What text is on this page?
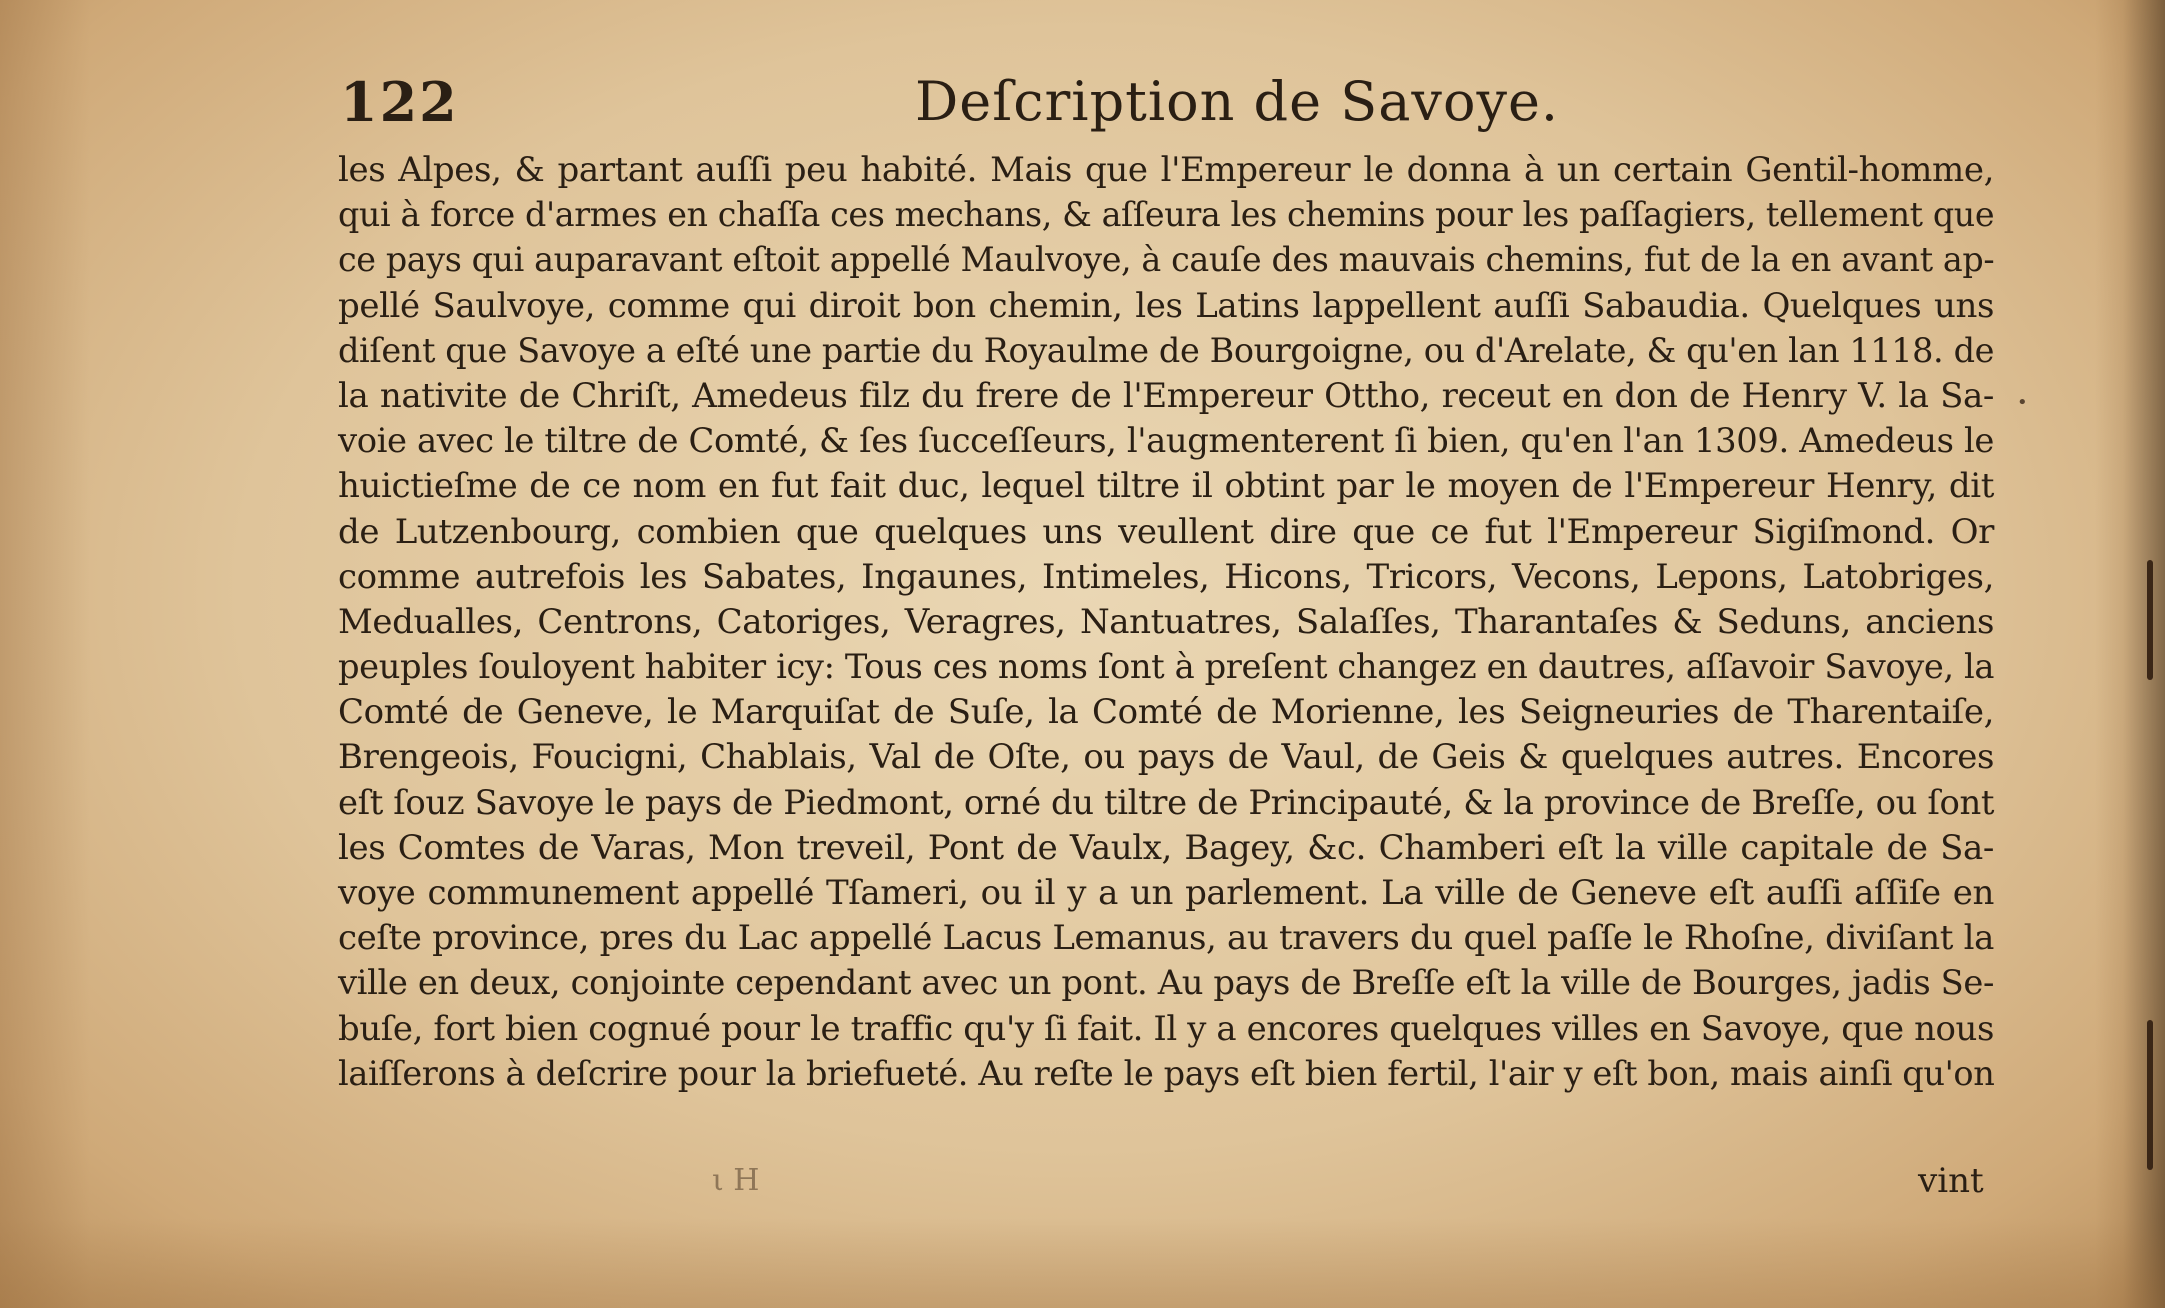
122	Deſcription de Savoye.
les Alpes, & partant auſſi peu habité. Mais que l'Empereur le donna à un certain Gentil-homme,
qui à force d'armes en chaſſa ces mechans, & aſſeura les chemins pour les paſſagiers, tellement que
ce pays qui auparavant eſtoit appellé Maulvoye, à cauſe des mauvais chemins, fut de la en avant ap-
pellé Saulvoye, comme qui diroit bon chemin, les Latins lappellent auſſi Sabaudia. Quelques uns
diſent que Savoye a eſté une partie du Royaulme de Bourgoigne, ou d'Arelate, & qu'en lan 1118. de
la nativite de Chriſt, Amedeus filz du frere de l'Empereur Ottho, receut en don de Henry V. la Sa-
voie avec le tiltre de Comté, & ſes ſucceſſeurs, l'augmenterent ſi bien, qu'en l'an 1309. Amedeus le
huictieſme de ce nom en fut fait duc, lequel tiltre il obtint par le moyen de l'Empereur Henry, dit
de Lutzenbourg, combien que quelques uns veullent dire que ce fut l'Empereur Sigiſmond. Or
comme autrefois les Sabates, Ingaunes, Intimeles, Hicons, Tricors, Vecons, Lepons, Latobriges,
Medualles, Centrons, Catoriges, Veragres, Nantuatres, Salaſſes, Tharantaſes & Seduns, anciens
peuples ſouloyent habiter icy: Tous ces noms ſont à preſent changez en dautres, aſſavoir Savoye, la
Comté de Geneve, le Marquiſat de Suſe, la Comté de Morienne, les Seigneuries de Tharentaiſe,
Brengeois, Foucigni, Chablais, Val de Oſte, ou pays de Vaul, de Geis & quelques autres. Encores
eſt ſouz Savoye le pays de Piedmont, orné du tiltre de Principauté, & la province de Breſſe, ou ſont
les Comtes de Varas, Mon treveil, Pont de Vaulx, Bagey, &c. Chamberi eſt la ville capitale de Sa-
voye communement appellé Tſameri, ou il y a un parlement. La ville de Geneve eſt auſſi aſſiſe en
ceſte province, pres du Lac appellé Lacus Lemanus, au travers du quel paſſe le Rhoſne, diviſant la
ville en deux, conjointe cependant avec un pont. Au pays de Breſſe eſt la ville de Bourges, jadis Se-
buſe, fort bien cognué pour le traffic qu'y ſi fait. Il y a encores quelques villes en Savoye, que nous
laiſſerons à deſcrire pour la briefueté. Au reſte le pays eſt bien fertil, l'air y eſt bon, mais ainſi qu'on
•
ι H	vint
